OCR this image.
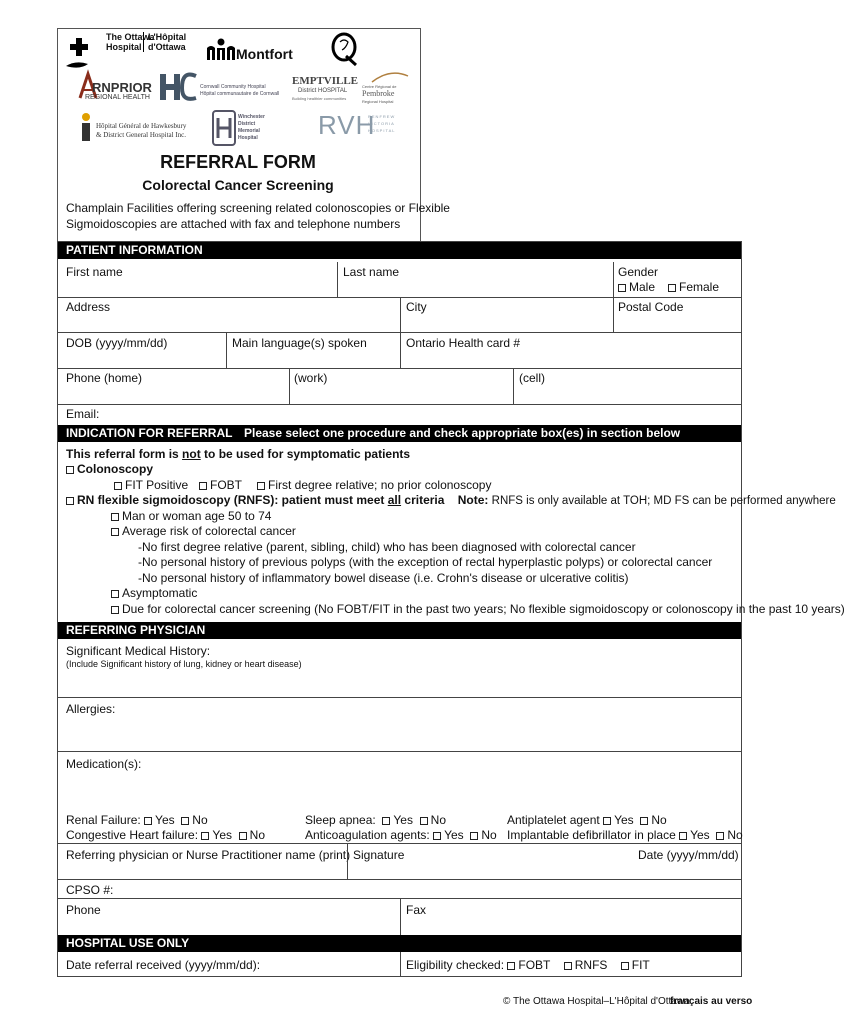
The Ottawa
Hospital
L'Hôpital
d'Ottawa	Montfort
RNPRIOR
REGIONAL HEALTH
Cornwall Community Hospital
Hôpital communautaire de Cornwall
EMPTVILLE
District HOSPITAL
Building healthier communities
Centre Régional de
Pembroke
Regional Hospital
Hôpital Général de Hawkesbury
& District General Hospital Inc.
Winchester
District
Memorial
Hospital RVH
RENFREW
VICTORIA
HOSPITAL
REFERRAL FORM
Colorectal Cancer Screening
Champlain Facilities offering screening related colonoscopies or Flexible
Sigmoidoscopies are attached with fax and telephone numbers
PATIENT INFORMATION
First name	Last name	Gender
Male	Female
Address	City	Postal Code
DOB (yyyy/mm/dd)	Main language(s) spoken	Ontario Health card #
Phone (home)	(work)	(cell)
Email:
INDICATION FOR REFERRAL Please select one procedure and check appropriate box(es) in section below
This referral form is not to be used for symptomatic patients
Colonoscopy
FIT Positive	FOBT	First degree relative; no prior colonoscopy
RN flexible sigmoidoscopy (RNFS): patient must meet all criteria Note: RNFS is only available at TOH; MD FS can be performed anywhere
Man or woman age 50 to 74
Average risk of colorectal cancer
-No first degree relative (parent, sibling, child) who has been diagnosed with colorectal cancer
-No personal history of previous polyps (with the exception of rectal hyperplastic polyps) or colorectal cancer
-No personal history of inflammatory bowel disease (i.e. Crohn's disease or ulcerative colitis)
Asymptomatic
Due for colorectal cancer screening (No FOBT/FIT in the past two years; No flexible sigmoidoscopy or colonoscopy in the past 10 years)
REFERRING PHYSICIAN
Significant Medical History:
(Include Significant history of lung, kidney or heart disease)
Allergies:
Medication(s):
Renal Failure: Yes No
Congestive Heart failure: Yes No
Sleep apnea: Yes No
Anticoagulation agents: Yes No
Antiplatelet agent Yes No
Implantable defibrillator in place Yes No
Referring physician or Nurse Practitioner name (print) Signature	Date (yyyy/mm/dd)
CPSO #:
Phone	Fax
HOSPITAL USE ONLY
Date referral received (yyyy/mm/dd):	Eligibility checked: FOBT RNFS FIT
© The Ottawa Hospital–L'Hôpital d'Ottawa
français au verso
